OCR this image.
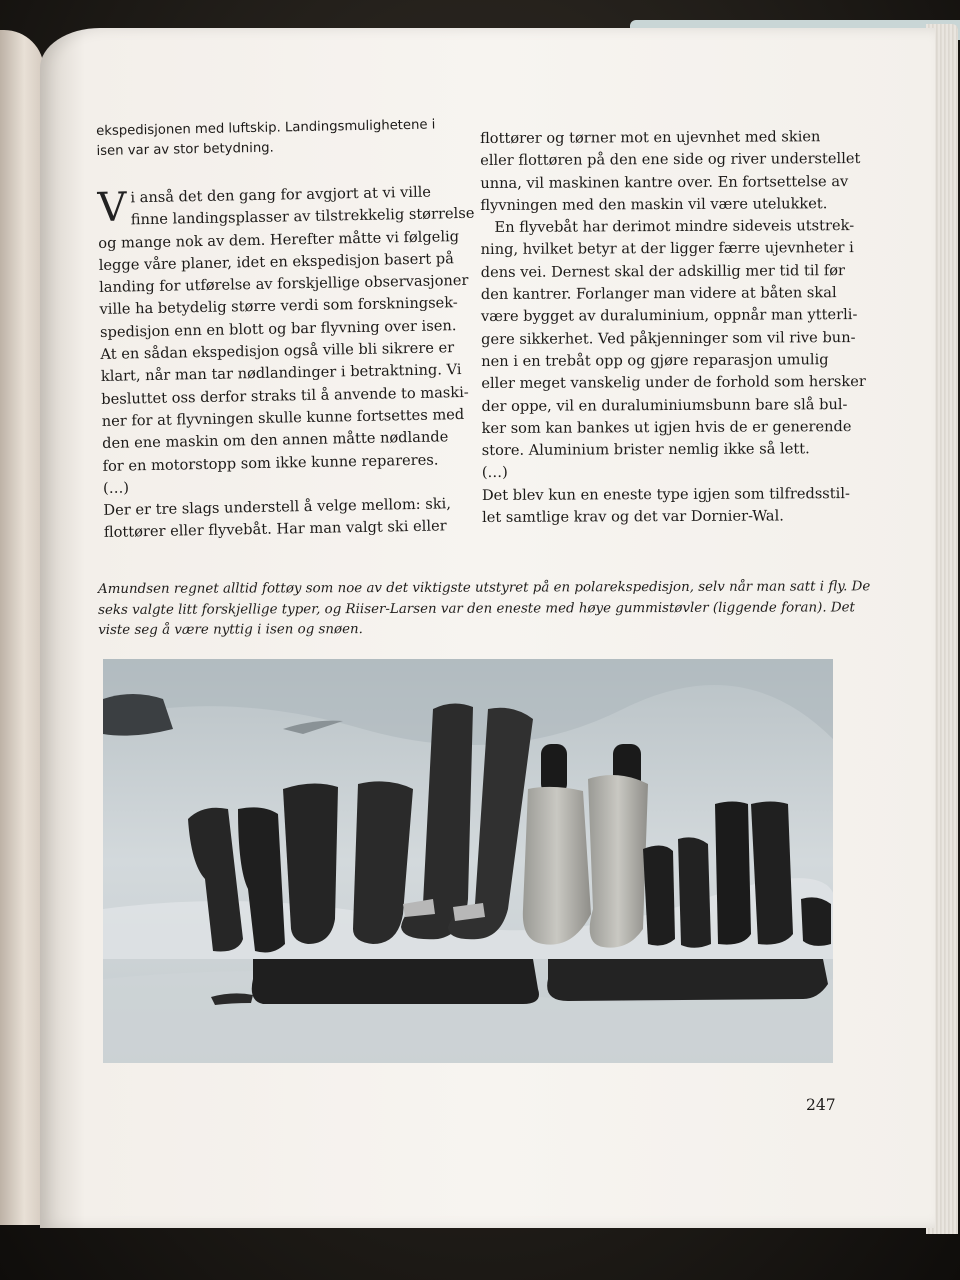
ekspedisjonen med luftskip. Landingsmulighetene i
isen var av stor betydning.
V i anså det den gang for avgjort at vi ville
finne landingsplasser av tilstrekkelig størrelse
og mange nok av dem. Herefter måtte vi følgelig
legge våre planer, idet en ekspedisjon basert på
landing for utførelse av forskjellige observasjoner
ville ha betydelig større verdi som forskningsek-
spedisjon enn en blott og bar flyvning over isen.
At en sådan ekspedisjon også ville bli sikrere er
klart, når man tar nødlandinger i betraktning. Vi
besluttet oss derfor straks til å anvende to maski-
ner for at flyvningen skulle kunne fortsettes med
den ene maskin om den annen måtte nødlande
for en motorstopp som ikke kunne repareres.
(…)
Der er tre slags understell å velge mellom: ski,
flottører eller flyvebåt. Har man valgt ski eller
flottører og tørner mot en ujevnhet med skien
eller flottøren på den ene side og river understellet
unna, vil maskinen kantre over. En fortsettelse av
flyvningen med den maskin vil være utelukket.
En flyvebåt har derimot mindre sideveis utstrek-
ning, hvilket betyr at der ligger færre ujevnheter i
dens vei. Dernest skal der adskillig mer tid til før
den kantrer. Forlanger man videre at båten skal
være bygget av duraluminium, oppnår man ytterli-
gere sikkerhet. Ved påkjenninger som vil rive bun-
nen i en trebåt opp og gjøre reparasjon umulig
eller meget vanskelig under de forhold som hersker
der oppe, vil en duraluminiumsbunn bare slå bul-
ker som kan bankes ut igjen hvis de er generende
store. Aluminium brister nemlig ikke så lett.
(…)
Det blev kun en eneste type igjen som tilfredsstil-
let samtlige krav og det var Dornier-Wal.
Amundsen regnet alltid fottøy som noe av det viktigste utstyret på en polarekspedisjon, selv når man satt i fly. De
seks valgte litt forskjellige typer, og Riiser-Larsen var den eneste med høye gummistøvler (liggende foran). Det
viste seg å være nyttig i isen og snøen.
247
